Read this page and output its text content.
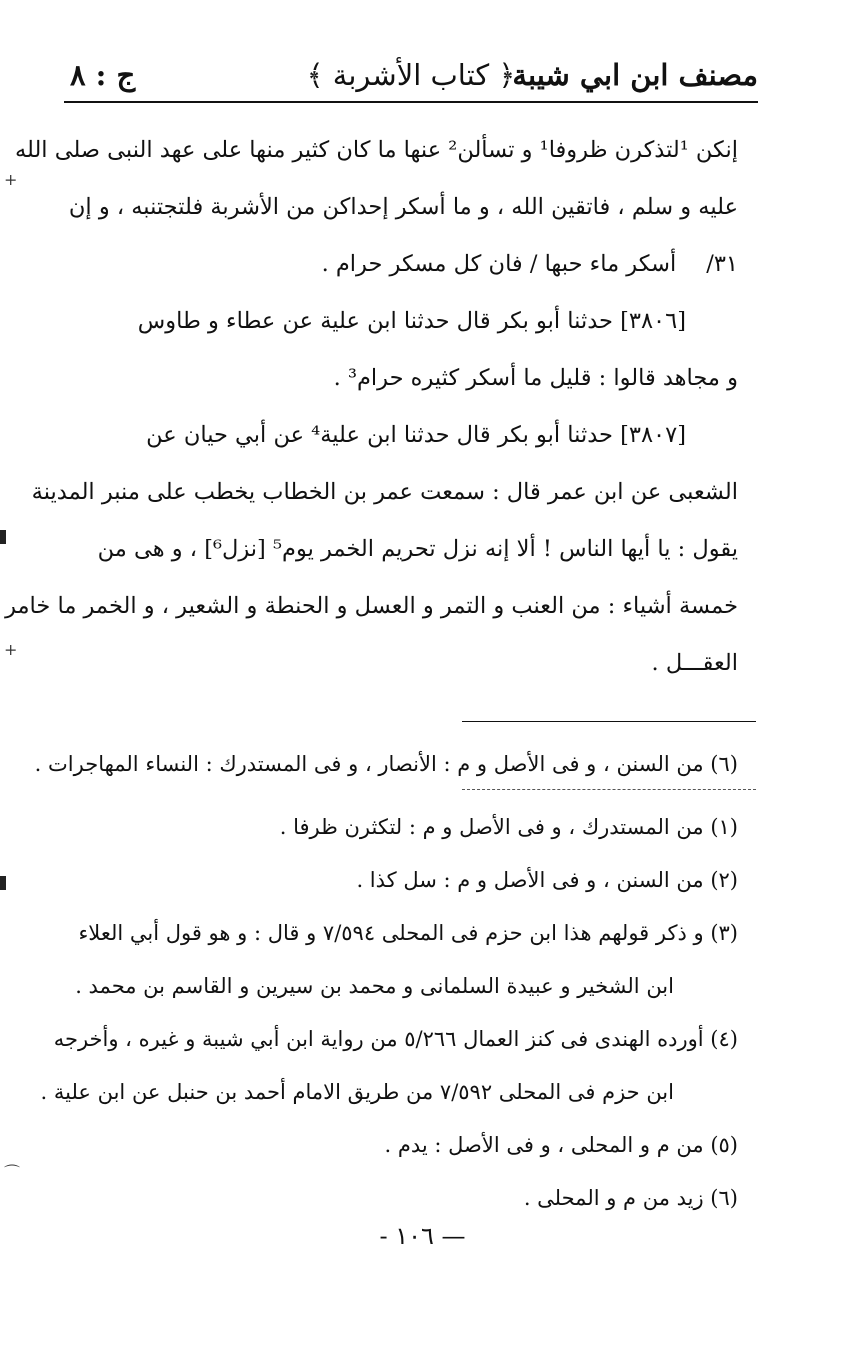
مصنف ابن ابي شيبة
﴿ كتاب الأشربة ﴾
ج : ٨

إنكن ¹لتذكرن ظروفا¹ و تسألن² عنها ما كان كثير منها على عهد النبى صلى الله
عليه و سلم ، فاتقين الله ، و ما أسكر إحداكن من الأشربة فلتجتنبه ، و إن
٣١/أسكر ماء حبها / فان كل مسكر حرام .

[٣٨٠٦] حدثنا أبو بكر قال حدثنا ابن علية عن عطاء و طاوس
و مجاهد قالوا : قليل ما أسكر كثيره حرام³ .

[٣٨٠٧] حدثنا أبو بكر قال حدثنا ابن علية⁴ عن أبي حيان عن
الشعبى عن ابن عمر قال : سمعت عمر بن الخطاب يخطب على منبر المدينة
يقول : يا أيها الناس ! ألا إنه نزل تحريم الخمر يوم⁵ [نزل⁶] ، و هى من
خمسة أشياء : من العنب و التمر و العسل و الحنطة و الشعير ، و الخمر ما خامر
العقـــل .

(٦) من السنن ، و فى الأصل و م : الأنصار ، و فى المستدرك : النساء المهاجرات .
(١) من المستدرك ، و فى الأصل و م : لتكثرن ظرفا .
(٢) من السنن ، و فى الأصل و م : سل كذا .
(٣) و ذكر قولهم هذا ابن حزم فى المحلى ٧/٥٩٤ و قال : و هو قول أبي العلاء
ابن الشخير و عبيدة السلمانى و محمد بن سيرين و القاسم بن محمد .
(٤) أورده الهندى فى كنز العمال ٥/٢٦٦ من رواية ابن أبي شيبة و غيره ، وأخرجه
ابن حزم فى المحلى ٧/٥٩٢ من طريق الامام أحمد بن حنبل عن ابن علية .
(٥) من م و المحلى ، و فى الأصل : يدم .
(٦) زيد من م و المحلى .
— ١٠٦ -
+
+
⌒
